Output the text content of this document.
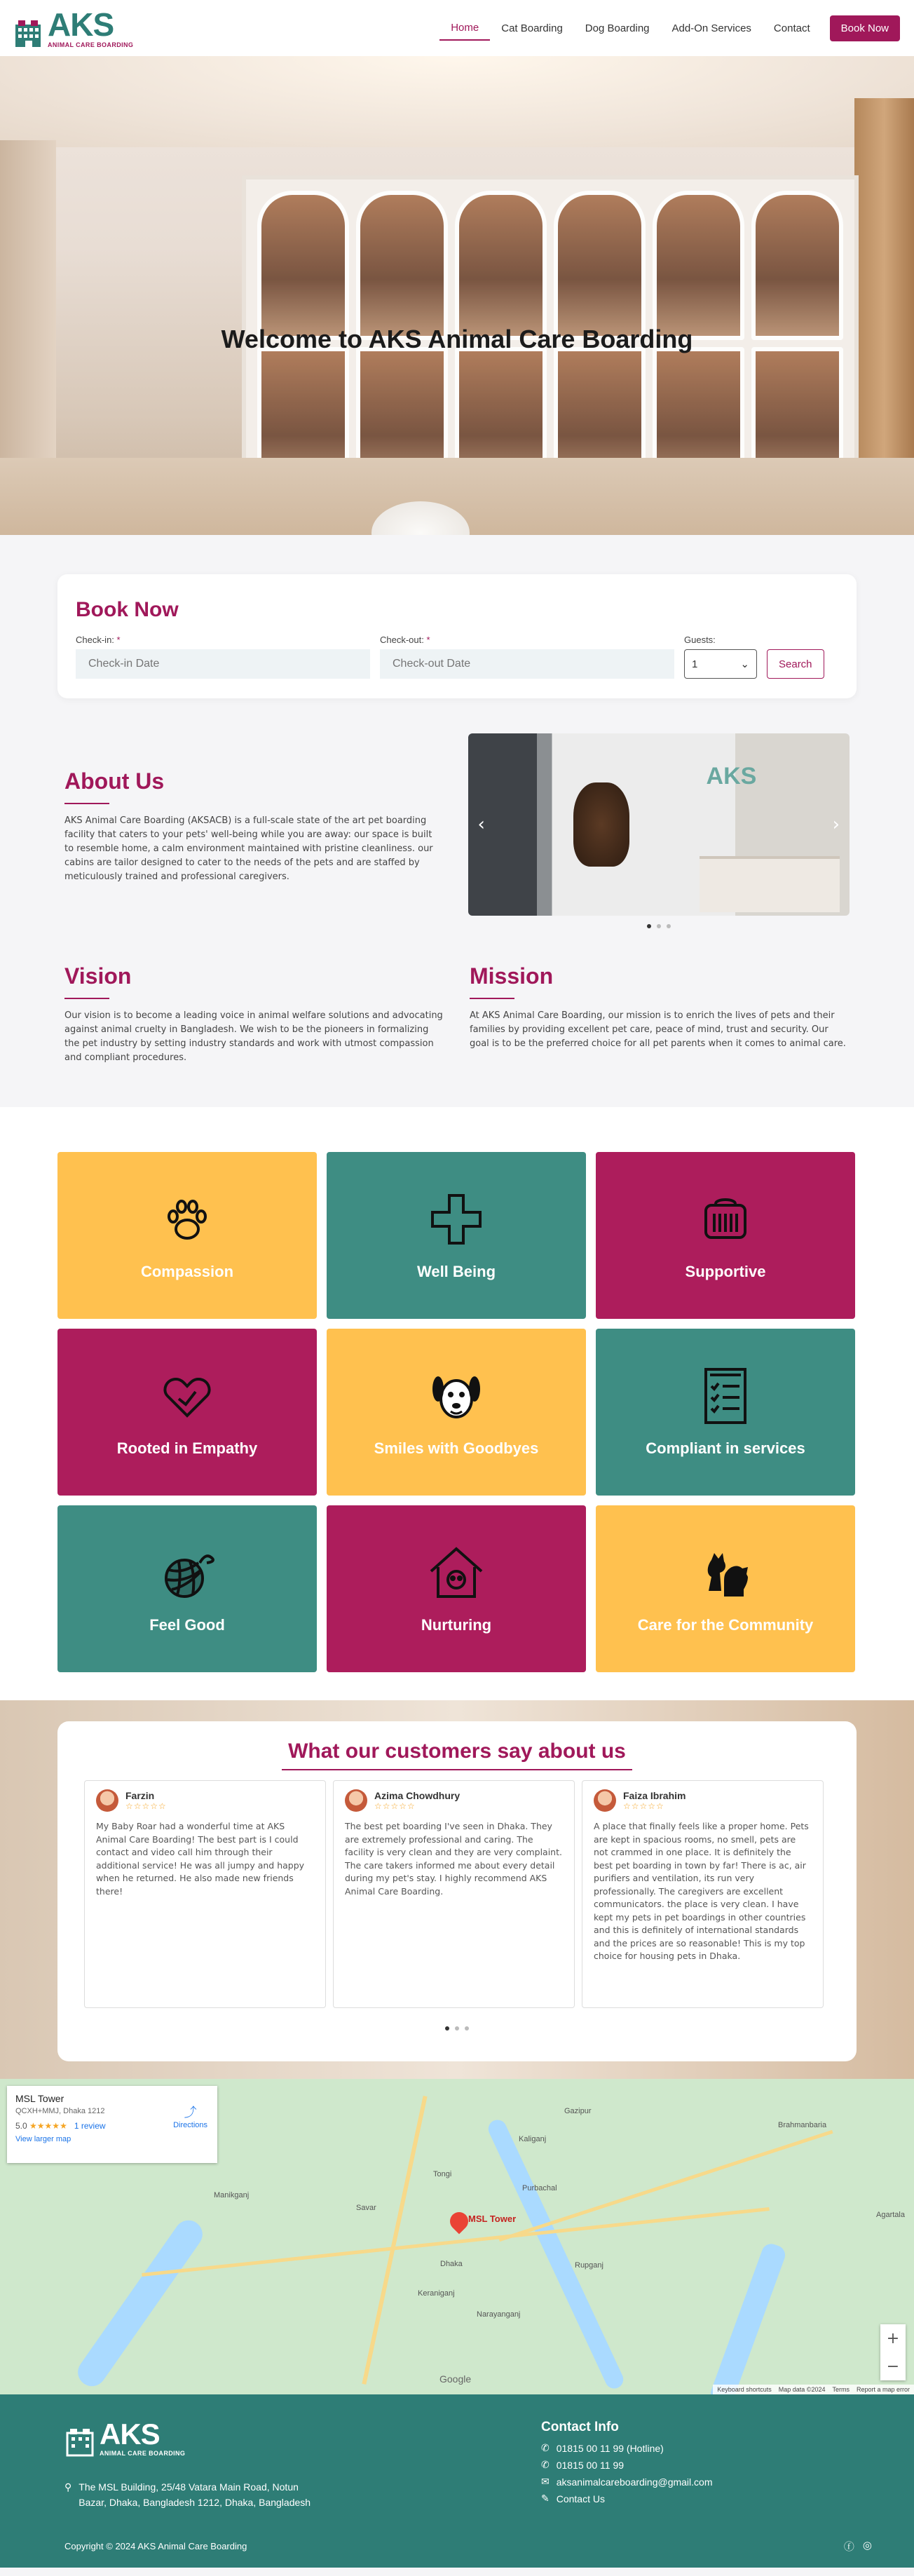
AKS
ANIMAL CARE BOARDING
Home	Cat Boarding	Dog Boarding	Add-On Services	Contact	Book Now
Welcome to AKS Animal Care Boarding
Book Now
Check-in: *
Check-in Date	Check-out: *
Check-out Date	Guests:
1	⌄	Search
About Us

AKS Animal Care Boarding (AKSACB) is a full-scale state of the art pet boarding facility that caters to your pets' well-being while you are away: our space is built to resemble home, a calm environment maintained with pristine cleanliness. our cabins are tailor designed to cater to the needs of the pets and are staffed by meticulously trained and professional caregivers.

AKS
‹	›
Vision

Our vision is to become a leading voice in animal welfare solutions and advocating against animal cruelty in Bangladesh. We wish to be the pioneers in formalizing the pet industry by setting industry standards and work with utmost compassion and compliant procedures.

Mission

At AKS Animal Care Boarding, our mission is to enrich the lives of pets and their families by providing excellent pet care, peace of mind, trust and security. Our goal is to be the preferred choice for all pet parents when it comes to animal care.

Compassion	Well Being	Supportive
Rooted in Empathy	Smiles with Goodbyes	Compliant in services
Feel Good	Nurturing	Care for the Community
What our customers say about us
Farzin
☆☆☆☆☆

My Baby Roar had a wonderful time at AKS Animal Care Boarding! The best part is I could contact and video call him through their additional service! He was all jumpy and happy when he returned. He also made new friends there!

Azima Chowdhury
☆☆☆☆☆

The best pet boarding I've seen in Dhaka. They are extremely professional and caring. The facility is very clean and they are very complaint. The care takers informed me about every detail during my pet's stay. I highly recommend AKS Animal Care Boarding.

Faiza Ibrahim
☆☆☆☆☆

A place that finally feels like a proper home. Pets are kept in spacious rooms, no smell, pets are not crammed in one place. It is definitely the best pet boarding in town by far! There is ac, air purifiers and ventilation, its run very professionally. The caregivers are excellent communicators. the place is very clean. I have kept my pets in pet boardings in other countries and this is definitely of international standards and the prices are so reasonable! This is my top choice for housing pets in Dhaka.

Tongi
Savar
Gazipur
Narayanganj
Dhaka
Keraniganj
Rupganj
Kaliganj
Purbachal
Manikganj
Brahmanbaria
Agartala
MSL Tower
MSL Tower
QCXH+MMJ, Dhaka 1212
5.0 ★★★★★ 1 review
View larger map
⤴
Directions
+
−
Google
Keyboard shortcuts Map data ©2024 Terms Report a map error
AKS
ANIMAL CARE BOARDING
⚲ The MSL Building, 25/48 Vatara Main Road, Notun Bazar, Dhaka, Bangladesh 1212, Dhaka, Bangladesh
Contact Info
✆ 01815 00 11 99 (Hotline)
✆ 01815 00 11 99
✉ aksanimalcareboarding@gmail.com
✎ Contact Us
Copyright © 2024 AKS Animal Care Boarding	ⓕ ◎
